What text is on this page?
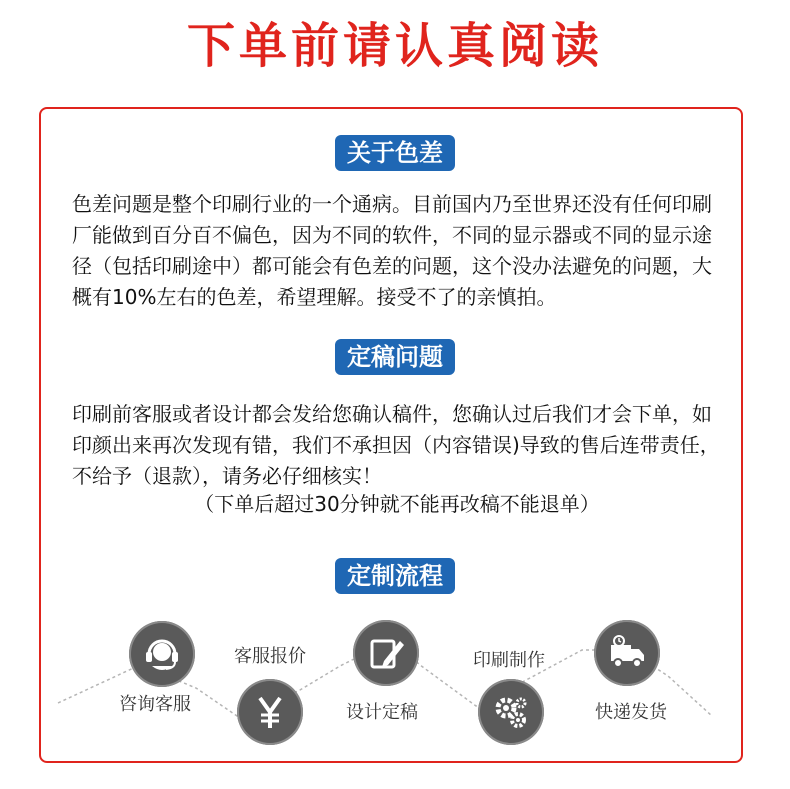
下单前请认真阅读
关于色差

色差问题是整个印刷行业的一个通病。目前国内乃至世界还没有任何印刷厂能做到百分百不偏色，因为不同的软件，不同的显示器或不同的显示途径（包括印刷途中）都可能会有色差的问题，这个没办法避免的问题，大概有10%左右的色差，希望理解。接受不了的亲慎拍。

定稿问题

印刷前客服或者设计都会发给您确认稿件，您确认过后我们才会下单，如印颜出来再次发现有错，我们不承担因（内容错误)导致的售后连带责任，不给予（退款），请务必仔细核实！

（下单后超过30分钟就不能再改稿不能退单）

定制流程
咨询客服
客服报价
设计定稿
印刷制作
快递发货
